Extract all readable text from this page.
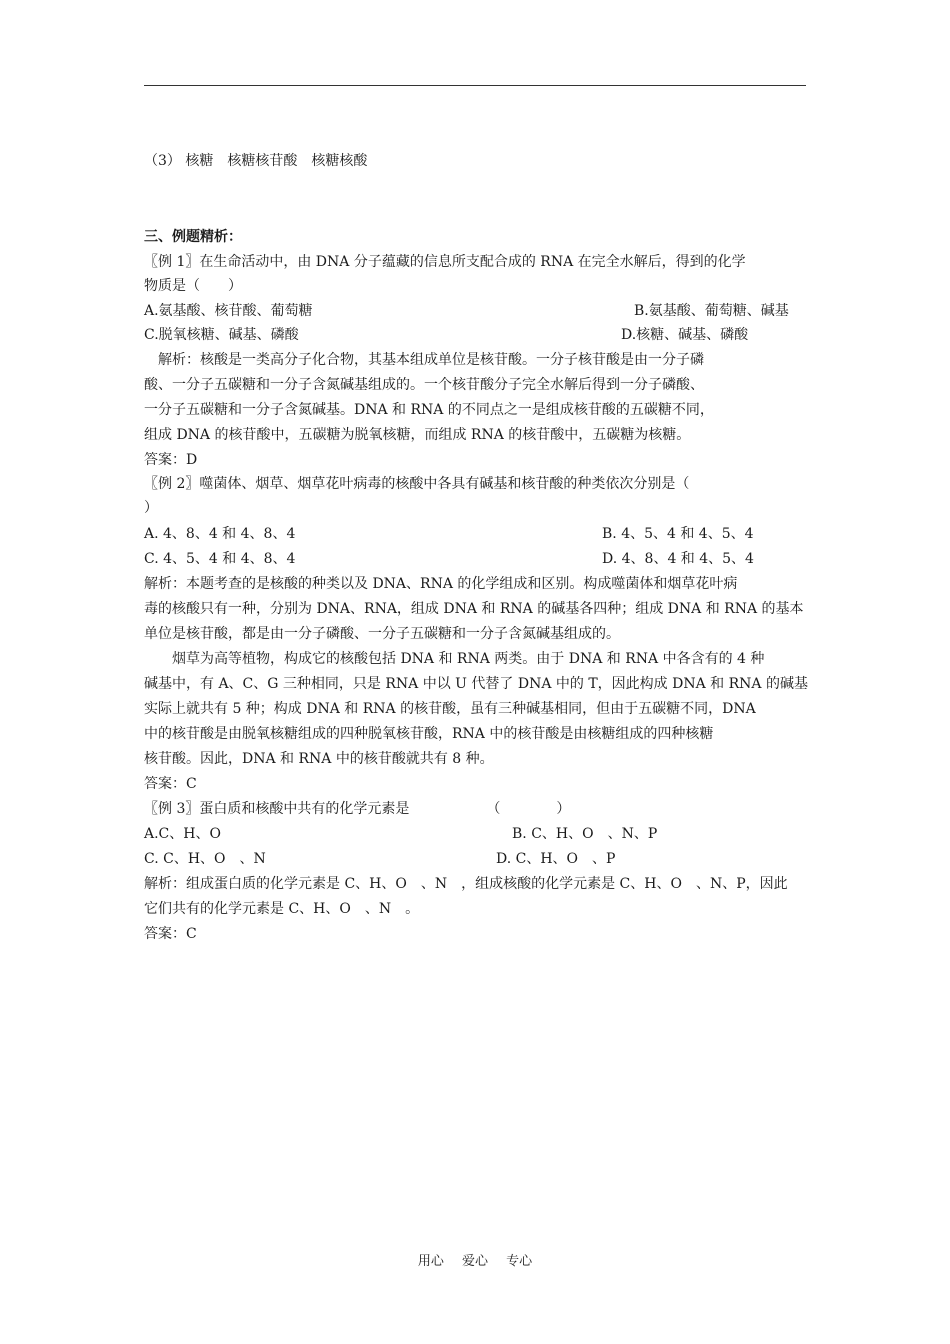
（3） 核糖　核糖核苷酸　核糖核酸
三、例题精析：
〖例 1〗在生命活动中，由 DNA 分子蕴藏的信息所支配合成的 RNA 在完全水解后，得到的化学
物质是（　　）
A.氨基酸、核苷酸、葡萄糖	B.氨基酸、葡萄糖、碱基
C.脱氧核糖、碱基、磷酸	D.核糖、碱基、磷酸
　解析：核酸是一类高分子化合物，其基本组成单位是核苷酸。一分子核苷酸是由一分子磷
酸、一分子五碳糖和一分子含氮碱基组成的。一个核苷酸分子完全水解后得到一分子磷酸、
一分子五碳糖和一分子含氮碱基。DNA 和 RNA 的不同点之一是组成核苷酸的五碳糖不同，
组成 DNA 的核苷酸中，五碳糖为脱氧核糖，而组成 RNA 的核苷酸中，五碳糖为核糖。
答案：D
〖例 2〗噬菌体、烟草、烟草花叶病毒的核酸中各具有碱基和核苷酸的种类依次分别是（
）
A. 4、8、4 和 4、8、4	B. 4、5、4 和 4、5、4
C. 4、5、4 和 4、8、4	D. 4、8、4 和 4、5、4
解析：本题考查的是核酸的种类以及 DNA、RNA 的化学组成和区别。构成噬菌体和烟草花叶病
毒的核酸只有一种，分别为 DNA、RNA，组成 DNA 和 RNA 的碱基各四种；组成 DNA 和 RNA 的基本
单位是核苷酸，都是由一分子磷酸、一分子五碳糖和一分子含氮碱基组成的。
　　烟草为高等植物，构成它的核酸包括 DNA 和 RNA 两类。由于 DNA 和 RNA 中各含有的 4 种
碱基中，有 A、C、G 三种相同，只是 RNA 中以 U 代替了 DNA 中的 T，因此构成 DNA 和 RNA 的碱基
实际上就共有 5 种；构成 DNA 和 RNA 的核苷酸，虽有三种碱基相同，但由于五碳糖不同，DNA
中的核苷酸是由脱氧核糖组成的四种脱氧核苷酸，RNA 中的核苷酸是由核糖组成的四种核糖
核苷酸。因此，DNA 和 RNA 中的核苷酸就共有 8 种。
答案：C
〖例 3〗蛋白质和核酸中共有的化学元素是　　　　　　（　　　　）
A.C、H、O	B. C、H、O　、N、P
C. C、H、O　、N	D. C、H、O　、P
解析：组成蛋白质的化学元素是 C、H、O　、N　，组成核酸的化学元素是 C、H、O　、N、P，因此
它们共有的化学元素是 C、H、O　、N　。
答案：C
用心 爱心 专心
